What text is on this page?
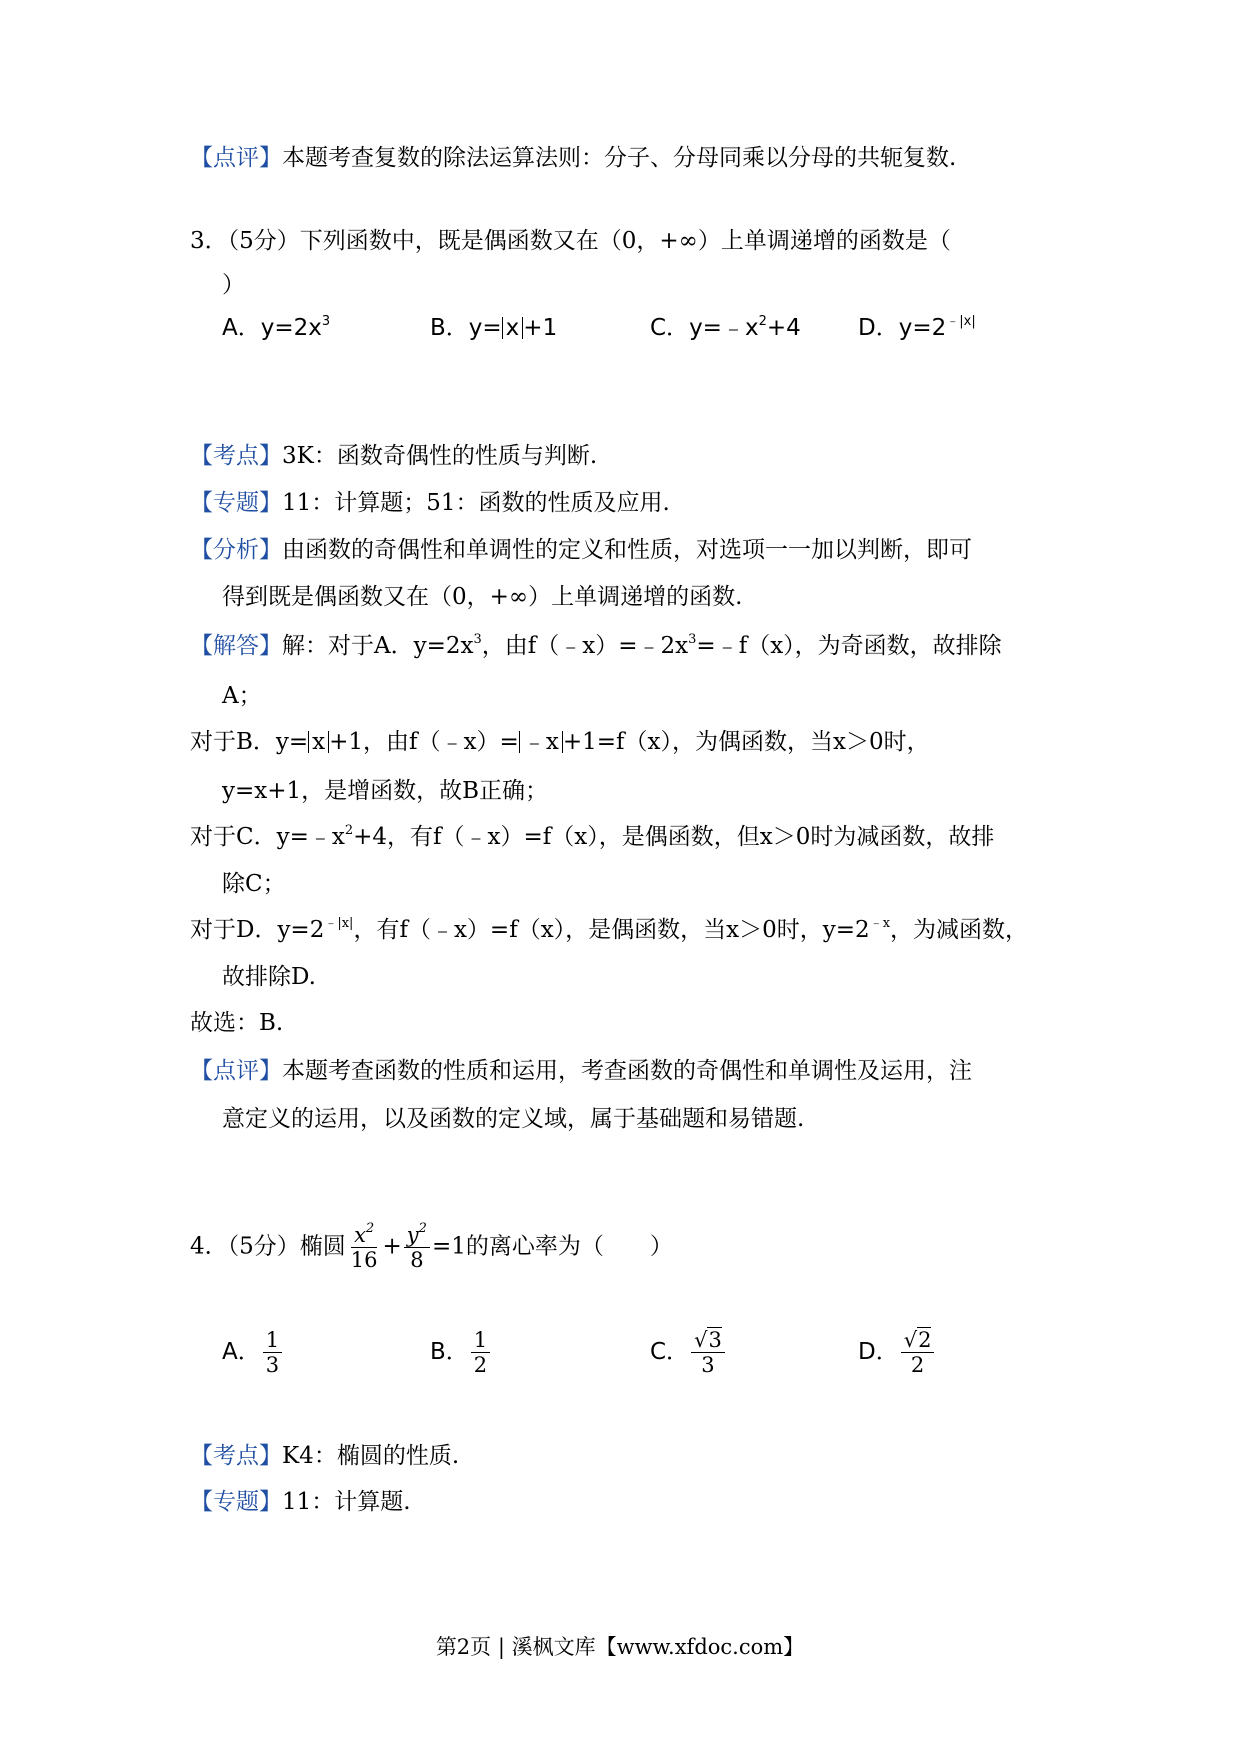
【点评】本题考查复数的除法运算法则：分子、分母同乘以分母的共轭复数.
3．（5分）下列函数中，既是偶函数又在（0，+∞）上单调递增的函数是（
）
A．$y=2x^3$	B．y= x +1	C．$y=﹣x^2+4$ D．$y=2^{﹣|x|}$
【考点】3K：函数奇偶性的性质与判断.
【专题】11：计算题；51：函数的性质及应用.
【分析】由函数的奇偶性和单调性的定义和性质，对选项一一加以判断，即可
得到既是偶函数又在（0，+∞）上单调递增的函数.
【解答】解：对于A．$y=2x^3$，由$f(﹣x)=﹣2x^3=﹣f(x)$，为奇函数，故排除
A；
对于B．y= x +1，由f（﹣x）= ﹣x +1=f（x），为偶函数，当x＞0时，
y=x+1，是增函数，故B正确；
对于C．$y=﹣x^2+4$，有f（﹣x）=f（x），是偶函数，但x＞0时为减函数，故排
除C；
对于D．$y=2^{﹣|x|}$，有f（﹣x）=f（x），是偶函数，当x＞0时，$y=2^{﹣x}$，为减函数，
故排除D.
故选：B.
【点评】本题考查函数的性质和运用，考查函数的奇偶性和单调性及运用，注
意定义的运用，以及函数的定义域，属于基础题和易错题.
4．（5分）椭圆 $\frac{x^2}{16} + \frac{y^2}{8} =1$的离心率为（　　）
A． $\frac{1}{3}$	B． $\frac{1}{2}$	C． $\frac{√3}{3}$	D． $\frac{√2}{2}$
【考点】K4：椭圆的性质.
【专题】11：计算题.
第2页 | 溪枫文库【www.xfdoc.com】
